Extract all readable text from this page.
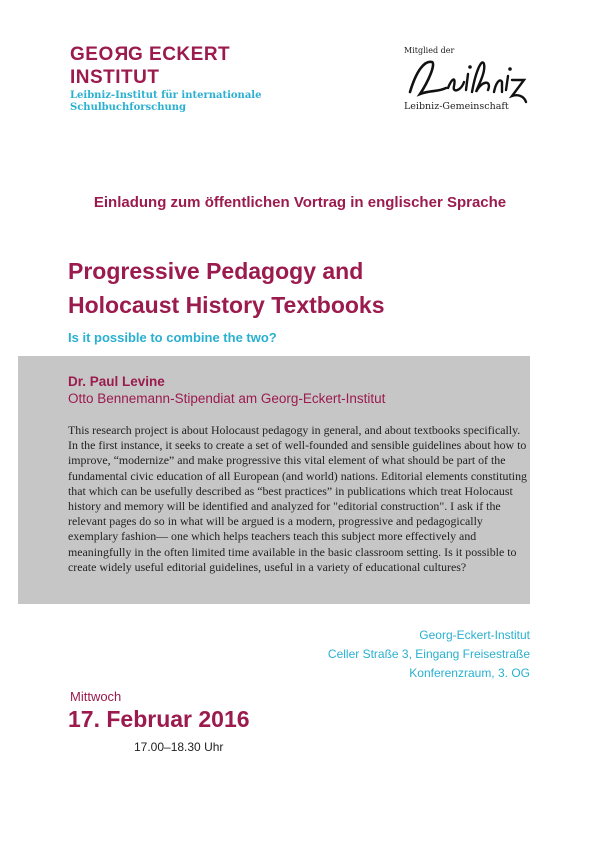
GEORG ECKERT
INSTITUT
Leibniz-Institut für internationale
Schulbuchforschung
Mitglied der
Leibniz-Gemeinschaft
Einladung zum öffentlichen Vortrag in englischer Sprache
Progressive Pedagogy and
Holocaust History Textbooks
Is it possible to combine the two?
Dr. Paul Levine
Otto Bennemann-Stipendiat am Georg-Eckert-Institut
This research project is about Holocaust pedagogy in general, and about textbooks specifically. In the first instance, it seeks to create a set of well-founded and sensible guidelines about how to improve, “modernize” and make progressive this vital element of what should be part of the fundamental civic education of all European (and world) nations. Editorial elements constituting that which can be usefully described as “best practices” in publications which treat Holocaust history and memory will be identified and analyzed for "editorial construction". I ask if the relevant pages do so in what will be argued is a modern, progressive and pedagogically exemplary fashion— one which helps teachers teach this subject more effectively and meaningfully in the often limited time available in the basic classroom setting. Is it possible to create widely useful editorial guidelines, useful in a variety of educational cultures?
Georg-Eckert-Institut
Celler Straße 3, Eingang Freisestraße
Konferenzraum, 3. OG
Mittwoch
17. Februar 2016
17.00–18.30 Uhr
